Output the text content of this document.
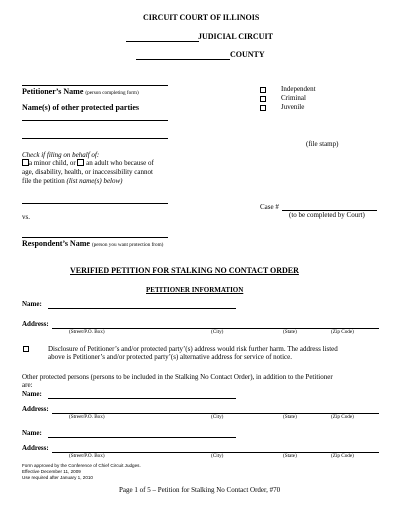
CIRCUIT COURT OF ILLINOIS
JUDICIAL CIRCUIT
COUNTY
Petitioner’s Name (person completing form)
Name(s) of other protected parties
Check if filing on behalf of:
a minor child, or an adult who because of
age, disability, health, or inaccessibility cannot
file the petition (list name(s) below)
vs.
Respondent’s Name (person you want protection from)
Independent
Criminal
Juvenile
(file stamp)
Case #
(to be completed by Court)
VERIFIED PETITION FOR STALKING NO CONTACT ORDER
PETITIONER INFORMATION
Name:
Address:
(Street/P.O. Box)	(City)	(State)	(Zip Code)
Disclosure of Petitioner’s and/or protected party’(s) address would risk further harm. The address listed
above is Petitioner’s and/or protected party’(s) alternative address for service of notice.
Other protected persons (persons to be included in the Stalking No Contact Order), in addition to the Petitioner
are:
Name:
Address:
(Street/P.O. Box)	(City)	(State)	(Zip Code)
Name:
Address:
(Street/P.O. Box)	(City)	(State)	(Zip Code)
Form approved by the Conference of Chief Circuit Judges.
Effective December 11, 2009
Use required after January 1, 2010
Page 1 of 5 – Petition for Stalking No Contact Order, #70
